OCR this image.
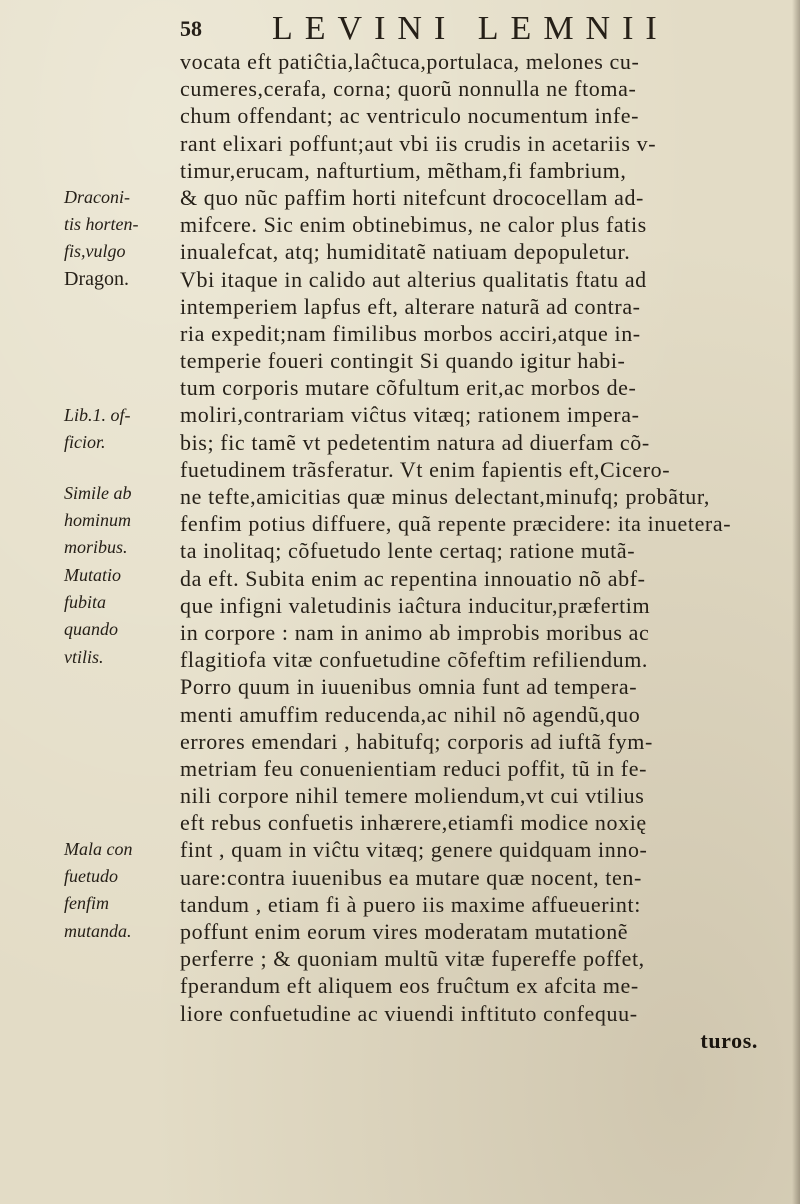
58 LEVINI LEMNII
vocata eft patiĉtia,laĉtuca,portulaca, melones cu-
cumeres,cerafa, corna; quorũ nonnulla ne ftoma-
chum offendant; ac ventriculo nocumentum infe-
rant elixari poffunt;aut vbi iis crudis in acetariis v-
timur,erucam, nafturtium, mẽtham,fi fambrium,
& quo nũc paffim horti nitefcunt drococellam ad-
mifcere. Sic enim obtinebimus, ne calor plus fatis
inualefcat, atq; humiditatẽ natiuam depopuletur.
Vbi itaque in calido aut alterius qualitatis ftatu ad
intemperiem lapfus eft, alterare naturã ad contra-
ria expedit;nam fimilibus morbos acciri,atque in-
temperie foueri contingit Si quando igitur habi-
tum corporis mutare cõfultum erit,ac morbos de-
moliri,contrariam viĉtus vitæq; rationem impera-
bis; fic tamẽ vt pedetentim natura ad diuerfam cõ-
fuetudinem trãsferatur. Vt enim fapientis eft,Cicero-
ne tefte,amicitias quæ minus delectant,minufq; probãtur,
fenfim potius diffuere, quã repente præcidere: ita inuetera-
ta inolitaq; cõfuetudo lente certaq; ratione mutã-
da eft. Subita enim ac repentina innouatio nõ abf-
que infigni valetudinis iaĉtura inducitur,præfertim
in corpore : nam in animo ab improbis moribus ac
flagitiofa vitæ confuetudine cõfeftim refiliendum.
Porro quum in iuuenibus omnia funt ad tempera-
menti amuffim reducenda,ac nihil nõ agendũ,quo
errores emendari , habitufq; corporis ad iuftã fym-
metriam feu conuenientiam reduci poffit, tũ in fe-
nili corpore nihil temere moliendum,vt cui vtilius
eft rebus confuetis inhærere,etiamfi modice noxię
fint , quam in viĉtu vitæq; genere quidquam inno-
uare:contra iuuenibus ea mutare quæ nocent, ten-
tandum , etiam fi à puero iis maxime affueuerint:
poffunt enim eorum vires moderatam mutationẽ
perferre ; & quoniam multũ vitæ fupereffe poffet,
fperandum eft aliquem eos fruĉtum ex afcita me-
liore confuetudine ac viuendi inftituto confequu-
turos.
Draconi-
tis horten-
fis,vulgo
Dragon.
Lib.1. of-
ficior.
Simile ab
hominum
moribus.
Mutatio
fubita
quando
vtilis.
Mala con
fuetudo
fenfim
mutanda.
